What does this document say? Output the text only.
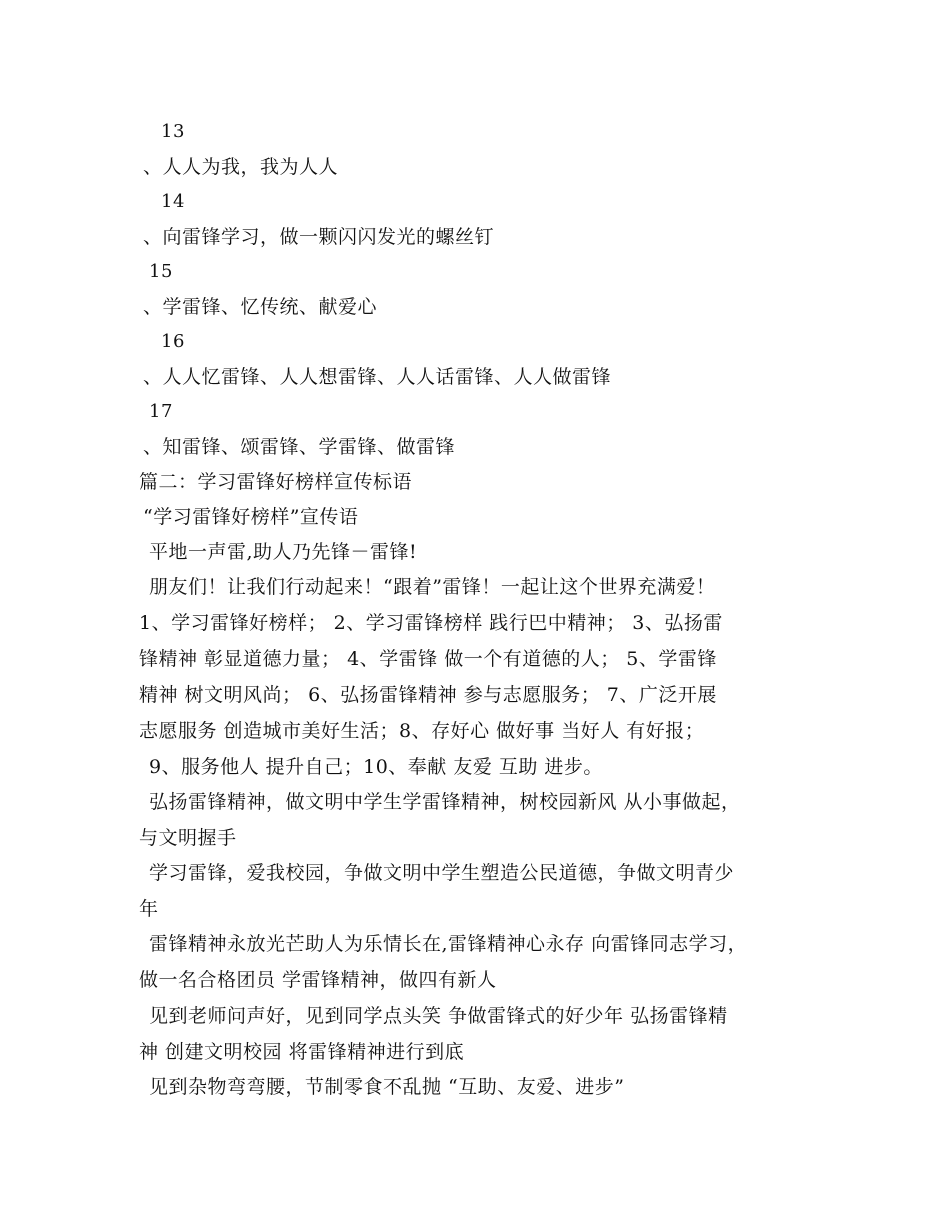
13
、人人为我，我为人人
14
、向雷锋学习，做一颗闪闪发光的螺丝钉
15
、学雷锋、忆传统、献爱心
16
、人人忆雷锋、人人想雷锋、人人话雷锋、人人做雷锋
17
、知雷锋、颂雷锋、学雷锋、做雷锋
篇二：学习雷锋好榜样宣传标语
“学习雷锋好榜样”宣传语
平地一声雷,助人乃先锋－雷锋!
朋友们！让我们行动起来！“跟着”雷锋！一起让这个世界充满爱！
1、学习雷锋好榜样； 2、学习雷锋榜样 践行巴中精神； 3、弘扬雷
锋精神 彰显道德力量； 4、学雷锋 做一个有道德的人； 5、学雷锋
精神 树文明风尚； 6、弘扬雷锋精神 参与志愿服务； 7、广泛开展
志愿服务 创造城市美好生活；8、存好心 做好事 当好人 有好报；
9、服务他人 提升自己；10、奉献 友爱 互助 进步。
弘扬雷锋精神，做文明中学生学雷锋精神，树校园新风 从小事做起，
与文明握手
学习雷锋，爱我校园，争做文明中学生塑造公民道德，争做文明青少
年
雷锋精神永放光芒助人为乐情长在,雷锋精神心永存 向雷锋同志学习，
做一名合格团员 学雷锋精神，做四有新人
见到老师问声好，见到同学点头笑 争做雷锋式的好少年 弘扬雷锋精
神 创建文明校园 将雷锋精神进行到底
见到杂物弯弯腰，节制零食不乱抛 “互助、友爱、进步”
